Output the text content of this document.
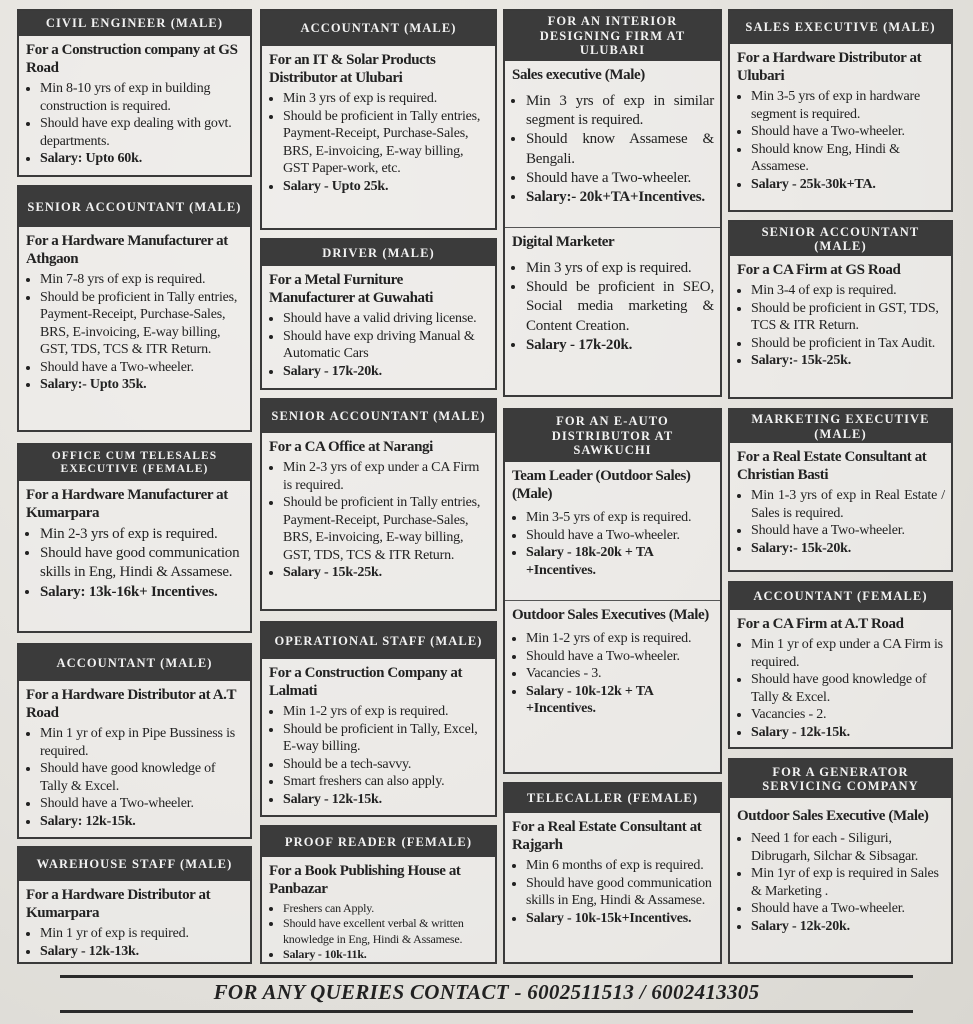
CIVIL ENGINEER (MALE)
For a Construction company at GS Road
• Min 8-10 yrs of exp in building construction is required.
• Should have exp dealing with govt. departments.
• Salary: Upto 60k.
SENIOR ACCOUNTANT (MALE)
For a Hardware Manufacturer at Athgaon
• Min 7-8 yrs of exp is required.
• Should be proficient in Tally entries, Payment-Receipt, Purchase-Sales, BRS, E-invoicing, E-way billing, GST, TDS, TCS & ITR Return.
• Should have a Two-wheeler.
• Salary:- Upto 35k.
OFFICE CUM TELESALES EXECUTIVE (FEMALE)
For a Hardware Manufacturer at Kumarpara
• Min 2-3 yrs of exp is required.
• Should have good communication skills in Eng, Hindi & Assamese.
• Salary: 13k-16k+ Incentives.
ACCOUNTANT (MALE)
For a Hardware Distributor at A.T Road
• Min 1 yr of exp in Pipe Bussiness is required.
• Should have good knowledge of Tally & Excel.
• Should have a Two-wheeler.
• Salary: 12k-15k.
WAREHOUSE STAFF (MALE)
For a Hardware Distributor at Kumarpara
• Min 1 yr of exp is required.
• Salary - 12k-13k.
ACCOUNTANT (MALE)
For an IT & Solar Products Distributor at Ulubari
• Min 3 yrs of exp is required.
• Should be proficient in Tally entries, Payment-Receipt, Purchase-Sales, BRS, E-invoicing, E-way billing, GST Paper-work, etc.
• Salary - Upto 25k.
DRIVER (MALE)
For a Metal Furniture Manufacturer at Guwahati
• Should have a valid driving license.
• Should have exp driving Manual & Automatic Cars
• Salary - 17k-20k.
SENIOR ACCOUNTANT (MALE)
For a CA Office at Narangi
• Min 2-3 yrs of exp under a CA Firm is required.
• Should be proficient in Tally entries, Payment-Receipt, Purchase-Sales, BRS, E-invoicing, E-way billing, GST, TDS, TCS & ITR Return.
• Salary - 15k-25k.
OPERATIONAL STAFF (MALE)
For a Construction Company at Lalmati
• Min 1-2 yrs of exp is required.
• Should be proficient in Tally, Excel, E-way billing.
• Should be a tech-savvy.
• Smart freshers can also apply.
• Salary - 12k-15k.
PROOF READER (FEMALE)
For a Book Publishing House at Panbazar
• Freshers can Apply.
• Should have excellent verbal & written knowledge in Eng, Hindi & Assamese.
• Salary - 10k-11k.
FOR AN INTERIOR DESIGNING FIRM AT ULUBARI
Sales executive (Male)
• Min 3 yrs of exp in similar segment is required.
• Should know Assamese & Bengali.
• Should have a Two-wheeler.
• Salary:- 20k+TA+Incentives.
Digital Marketer
• Min 3 yrs of exp is required.
• Should be proficient in SEO, Social media marketing & Content Creation.
• Salary - 17k-20k.
FOR AN E-AUTO DISTRIBUTOR AT SAWKUCHI
Team Leader (Outdoor Sales) (Male)
• Min 3-5 yrs of exp is required.
• Should have a Two-wheeler.
• Salary - 18k-20k + TA +Incentives.
Outdoor Sales Executives (Male)
• Min 1-2 yrs of exp is required.
• Should have a Two-wheeler.
• Vacancies - 3.
• Salary - 10k-12k + TA +Incentives.
TELECALLER (FEMALE)
For a Real Estate Consultant at Rajgarh
• Min 6 months of exp is required.
• Should have good communication skills in Eng, Hindi & Assamese.
• Salary - 10k-15k+Incentives.
SALES EXECUTIVE (MALE)
For a Hardware Distributor at Ulubari
• Min 3-5 yrs of exp in hardware segment is required.
• Should have a Two-wheeler.
• Should know Eng, Hindi & Assamese.
• Salary - 25k-30k+TA.
SENIOR ACCOUNTANT (MALE)
For a CA Firm at GS Road
• Min 3-4 of exp is required.
• Should be proficient in GST, TDS, TCS & ITR Return.
• Should be proficient in Tax Audit.
• Salary:- 15k-25k.
MARKETING EXECUTIVE (MALE)
For a Real Estate Consultant at Christian Basti
• Min 1-3 yrs of exp in Real Estate / Sales is required.
• Should have a Two-wheeler.
• Salary:- 15k-20k.
ACCOUNTANT (FEMALE)
For a CA Firm at A.T Road
• Min 1 yr of exp under a CA Firm is required.
• Should have good knowledge of Tally & Excel.
• Vacancies - 2.
• Salary - 12k-15k.
FOR A GENERATOR SERVICING COMPANY
Outdoor Sales Executive (Male)
• Need 1 for each - Siliguri, Dibrugarh, Silchar & Sibsagar.
• Min 1yr of exp is required in Sales & Marketing .
• Should have a Two-wheeler.
• Salary - 12k-20k.
FOR ANY QUERIES CONTACT - 6002511513 / 6002413305
